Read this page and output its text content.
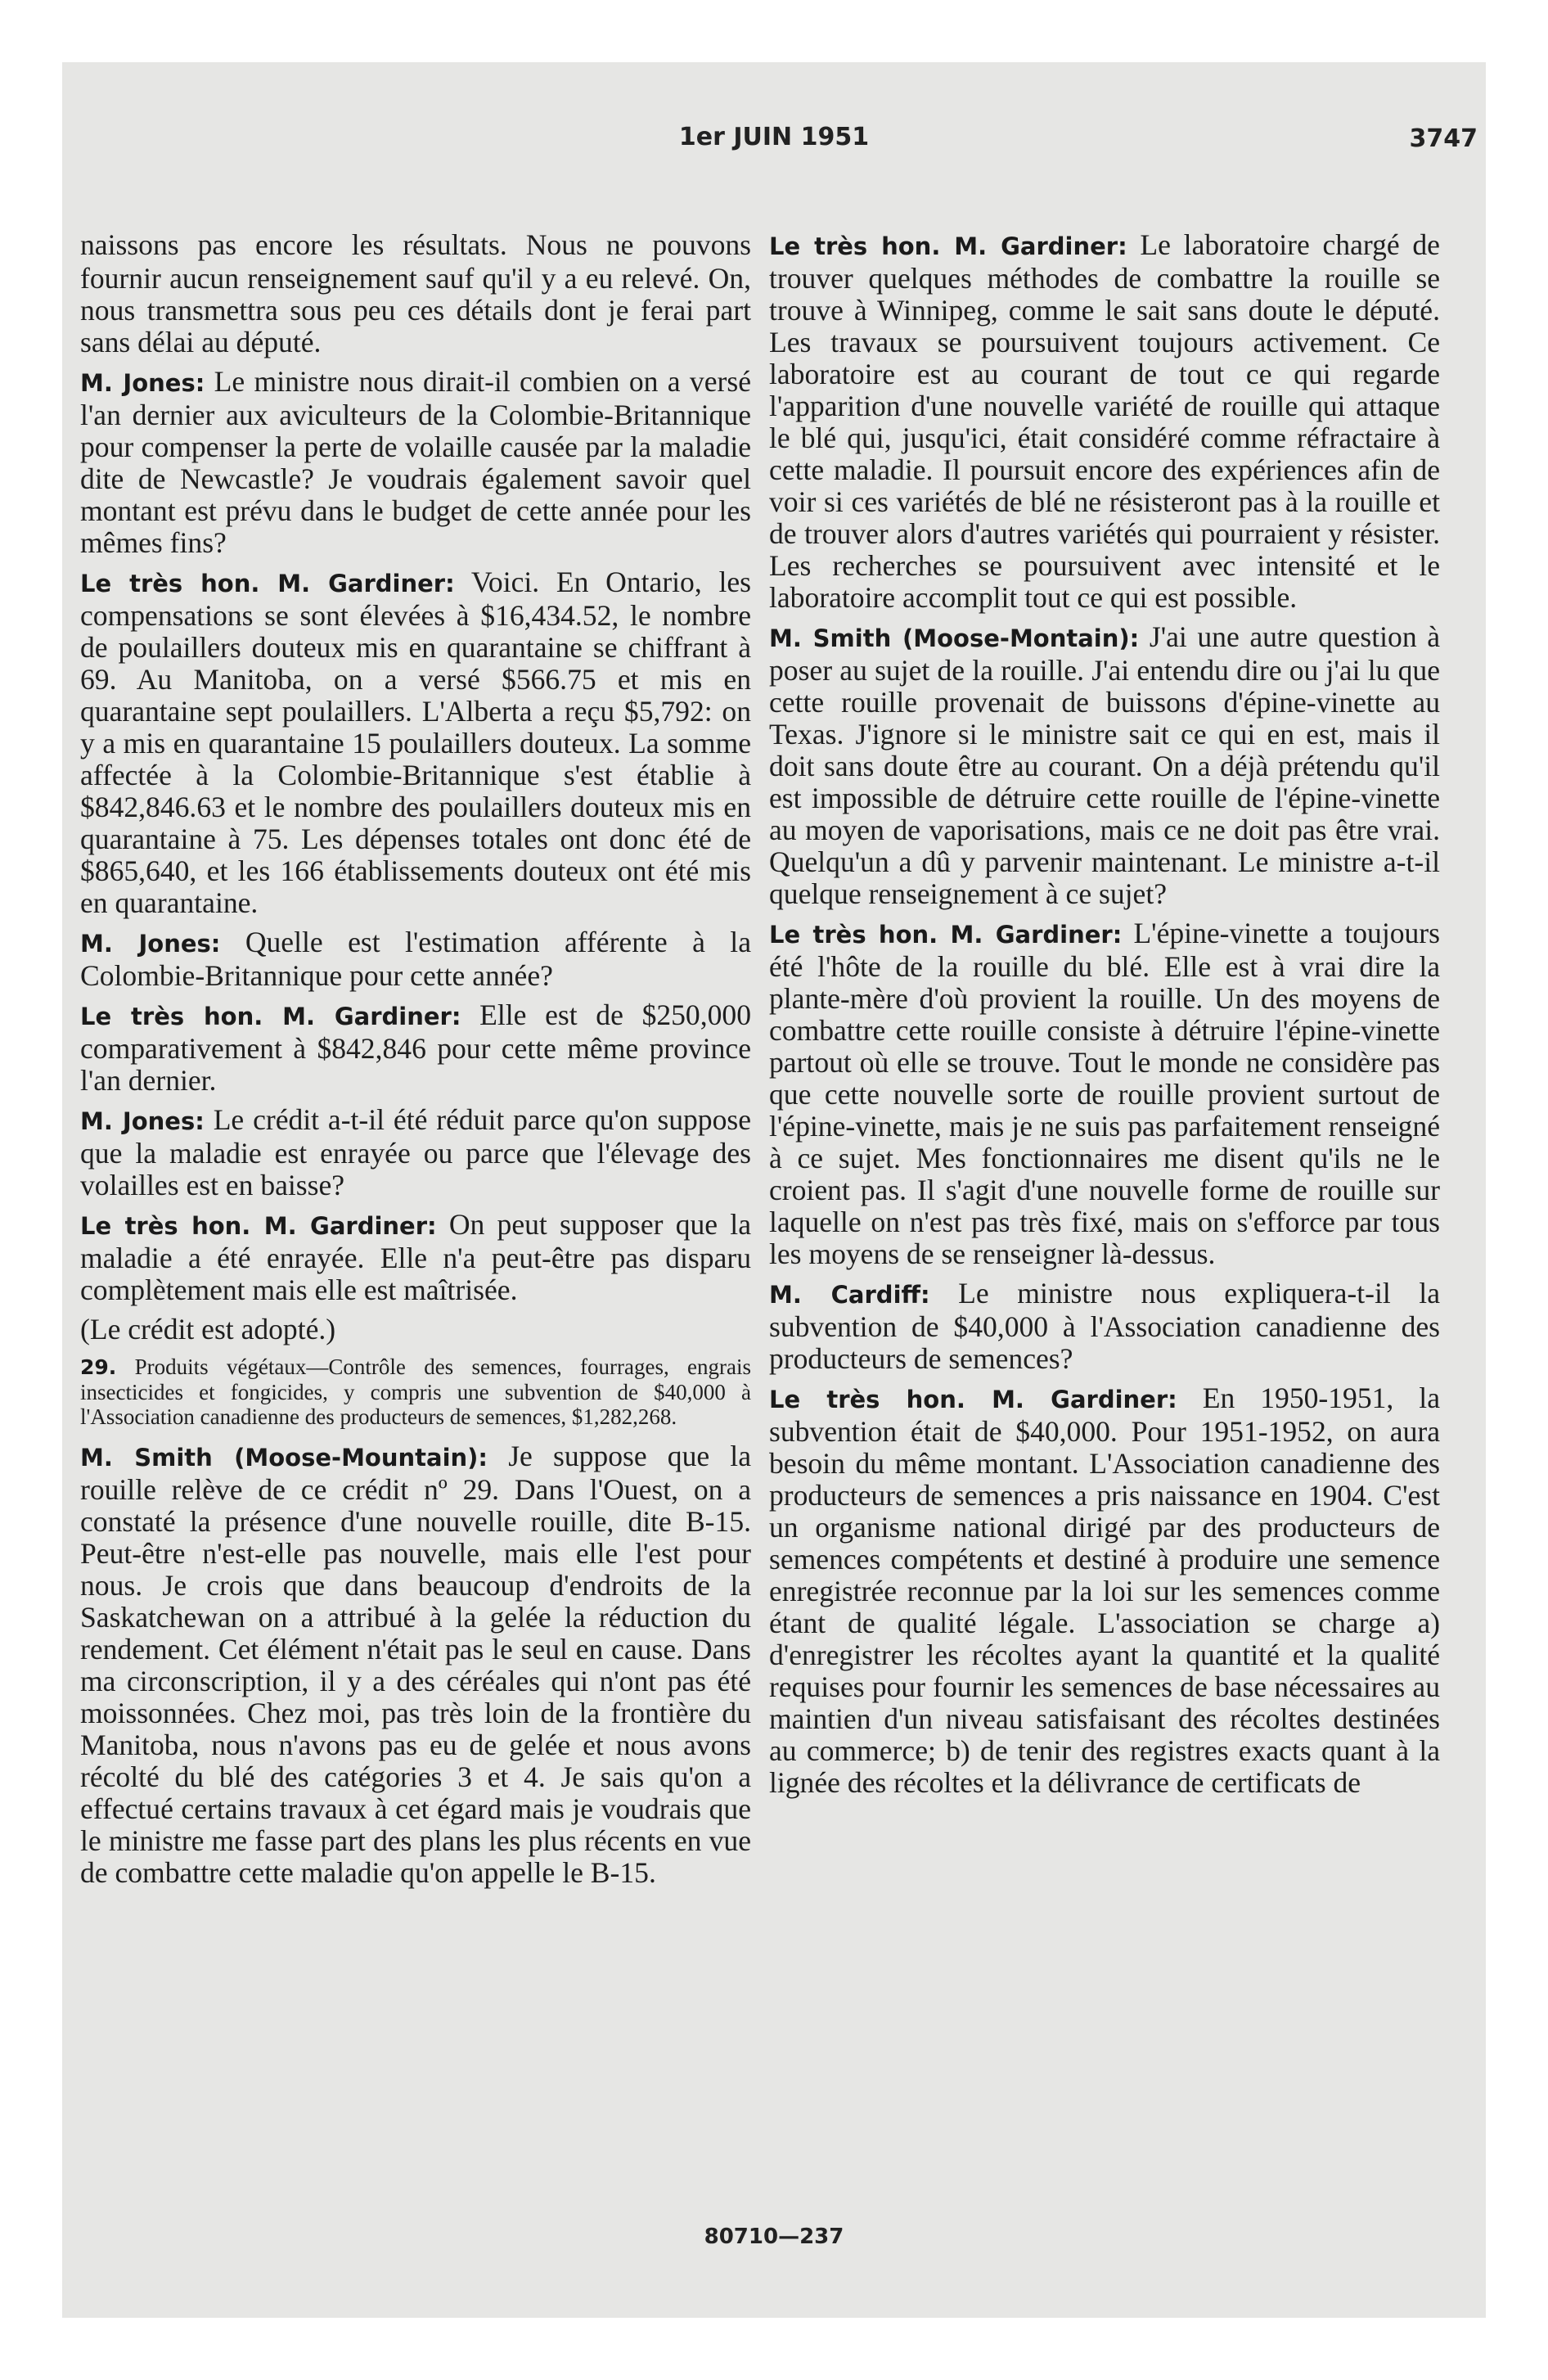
1er JUIN 1951	3747

naissons pas encore les résultats. Nous ne pouvons fournir aucun renseignement sauf qu'il y a eu relevé. On, nous transmettra sous peu ces détails dont je ferai part sans délai au député.

M. Jones: Le ministre nous dirait-il combien on a versé l'an dernier aux aviculteurs de la Colombie-Britannique pour compenser la perte de volaille causée par la maladie dite de Newcastle? Je voudrais également savoir quel montant est prévu dans le budget de cette année pour les mêmes fins?

Le très hon. M. Gardiner: Voici. En Ontario, les compensations se sont élevées à $16,434.52, le nombre de poulaillers douteux mis en quarantaine se chiffrant à 69. Au Manitoba, on a versé $566.75 et mis en quarantaine sept poulaillers. L'Alberta a reçu $5,792: on y a mis en quarantaine 15 poulaillers douteux. La somme affectée à la Colombie-Britannique s'est établie à $842,846.63 et le nombre des poulaillers douteux mis en quarantaine à 75. Les dépenses totales ont donc été de $865,640, et les 166 établissements douteux ont été mis en quarantaine.

M. Jones: Quelle est l'estimation afférente à la Colombie-Britannique pour cette année?

Le très hon. M. Gardiner: Elle est de $250,000 comparativement à $842,846 pour cette même province l'an dernier.

M. Jones: Le crédit a-t-il été réduit parce qu'on suppose que la maladie est enrayée ou parce que l'élevage des volailles est en baisse?

Le très hon. M. Gardiner: On peut supposer que la maladie a été enrayée. Elle n'a peut-être pas disparu complètement mais elle est maîtrisée.

(Le crédit est adopté.)

29. Produits végétaux—Contrôle des semences, fourrages, engrais insecticides et fongicides, y compris une subvention de $40,000 à l'Association canadienne des producteurs de semences, $1,282,268.

M. Smith (Moose-Mountain): Je suppose que la rouille relève de ce crédit nº 29. Dans l'Ouest, on a constaté la présence d'une nouvelle rouille, dite B-15. Peut-être n'est-elle pas nouvelle, mais elle l'est pour nous. Je crois que dans beaucoup d'endroits de la Saskatchewan on a attribué à la gelée la réduction du rendement. Cet élément n'était pas le seul en cause. Dans ma circonscription, il y a des céréales qui n'ont pas été moissonnées. Chez moi, pas très loin de la frontière du Manitoba, nous n'avons pas eu de gelée et nous avons récolté du blé des catégories 3 et 4. Je sais qu'on a effectué certains travaux à cet égard mais je voudrais que le ministre me fasse part des plans les plus récents en vue de combattre cette maladie qu'on appelle le B-15.

Le très hon. M. Gardiner: Le laboratoire chargé de trouver quelques méthodes de combattre la rouille se trouve à Winnipeg, comme le sait sans doute le député. Les travaux se poursuivent toujours activement. Ce laboratoire est au courant de tout ce qui regarde l'apparition d'une nouvelle variété de rouille qui attaque le blé qui, jusqu'ici, était considéré comme réfractaire à cette maladie. Il poursuit encore des expériences afin de voir si ces variétés de blé ne résisteront pas à la rouille et de trouver alors d'autres variétés qui pourraient y résister. Les recherches se poursuivent avec intensité et le laboratoire accomplit tout ce qui est possible.

M. Smith (Moose-Montain): J'ai une autre question à poser au sujet de la rouille. J'ai entendu dire ou j'ai lu que cette rouille provenait de buissons d'épine-vinette au Texas. J'ignore si le ministre sait ce qui en est, mais il doit sans doute être au courant. On a déjà prétendu qu'il est impossible de détruire cette rouille de l'épine-vinette au moyen de vaporisations, mais ce ne doit pas être vrai. Quelqu'un a dû y parvenir maintenant. Le ministre a-t-il quelque renseignement à ce sujet?

Le très hon. M. Gardiner: L'épine-vinette a toujours été l'hôte de la rouille du blé. Elle est à vrai dire la plante-mère d'où provient la rouille. Un des moyens de combattre cette rouille consiste à détruire l'épine-vinette partout où elle se trouve. Tout le monde ne considère pas que cette nouvelle sorte de rouille provient surtout de l'épine-vinette, mais je ne suis pas parfaitement renseigné à ce sujet. Mes fonctionnaires me disent qu'ils ne le croient pas. Il s'agit d'une nouvelle forme de rouille sur laquelle on n'est pas très fixé, mais on s'efforce par tous les moyens de se renseigner là-dessus.

M. Cardiff: Le ministre nous expliquera-t-il la subvention de $40,000 à l'Association canadienne des producteurs de semences?

Le très hon. M. Gardiner: En 1950-1951, la subvention était de $40,000. Pour 1951-1952, on aura besoin du même montant. L'Association canadienne des producteurs de semences a pris naissance en 1904. C'est un organisme national dirigé par des producteurs de semences compétents et destiné à produire une semence enregistrée reconnue par la loi sur les semences comme étant de qualité légale. L'association se charge a) d'enregistrer les récoltes ayant la quantité et la qualité requises pour fournir les semences de base nécessaires au maintien d'un niveau satisfaisant des récoltes destinées au commerce; b) de tenir des registres exacts quant à la lignée des récoltes et la délivrance de certificats de

80710—237
